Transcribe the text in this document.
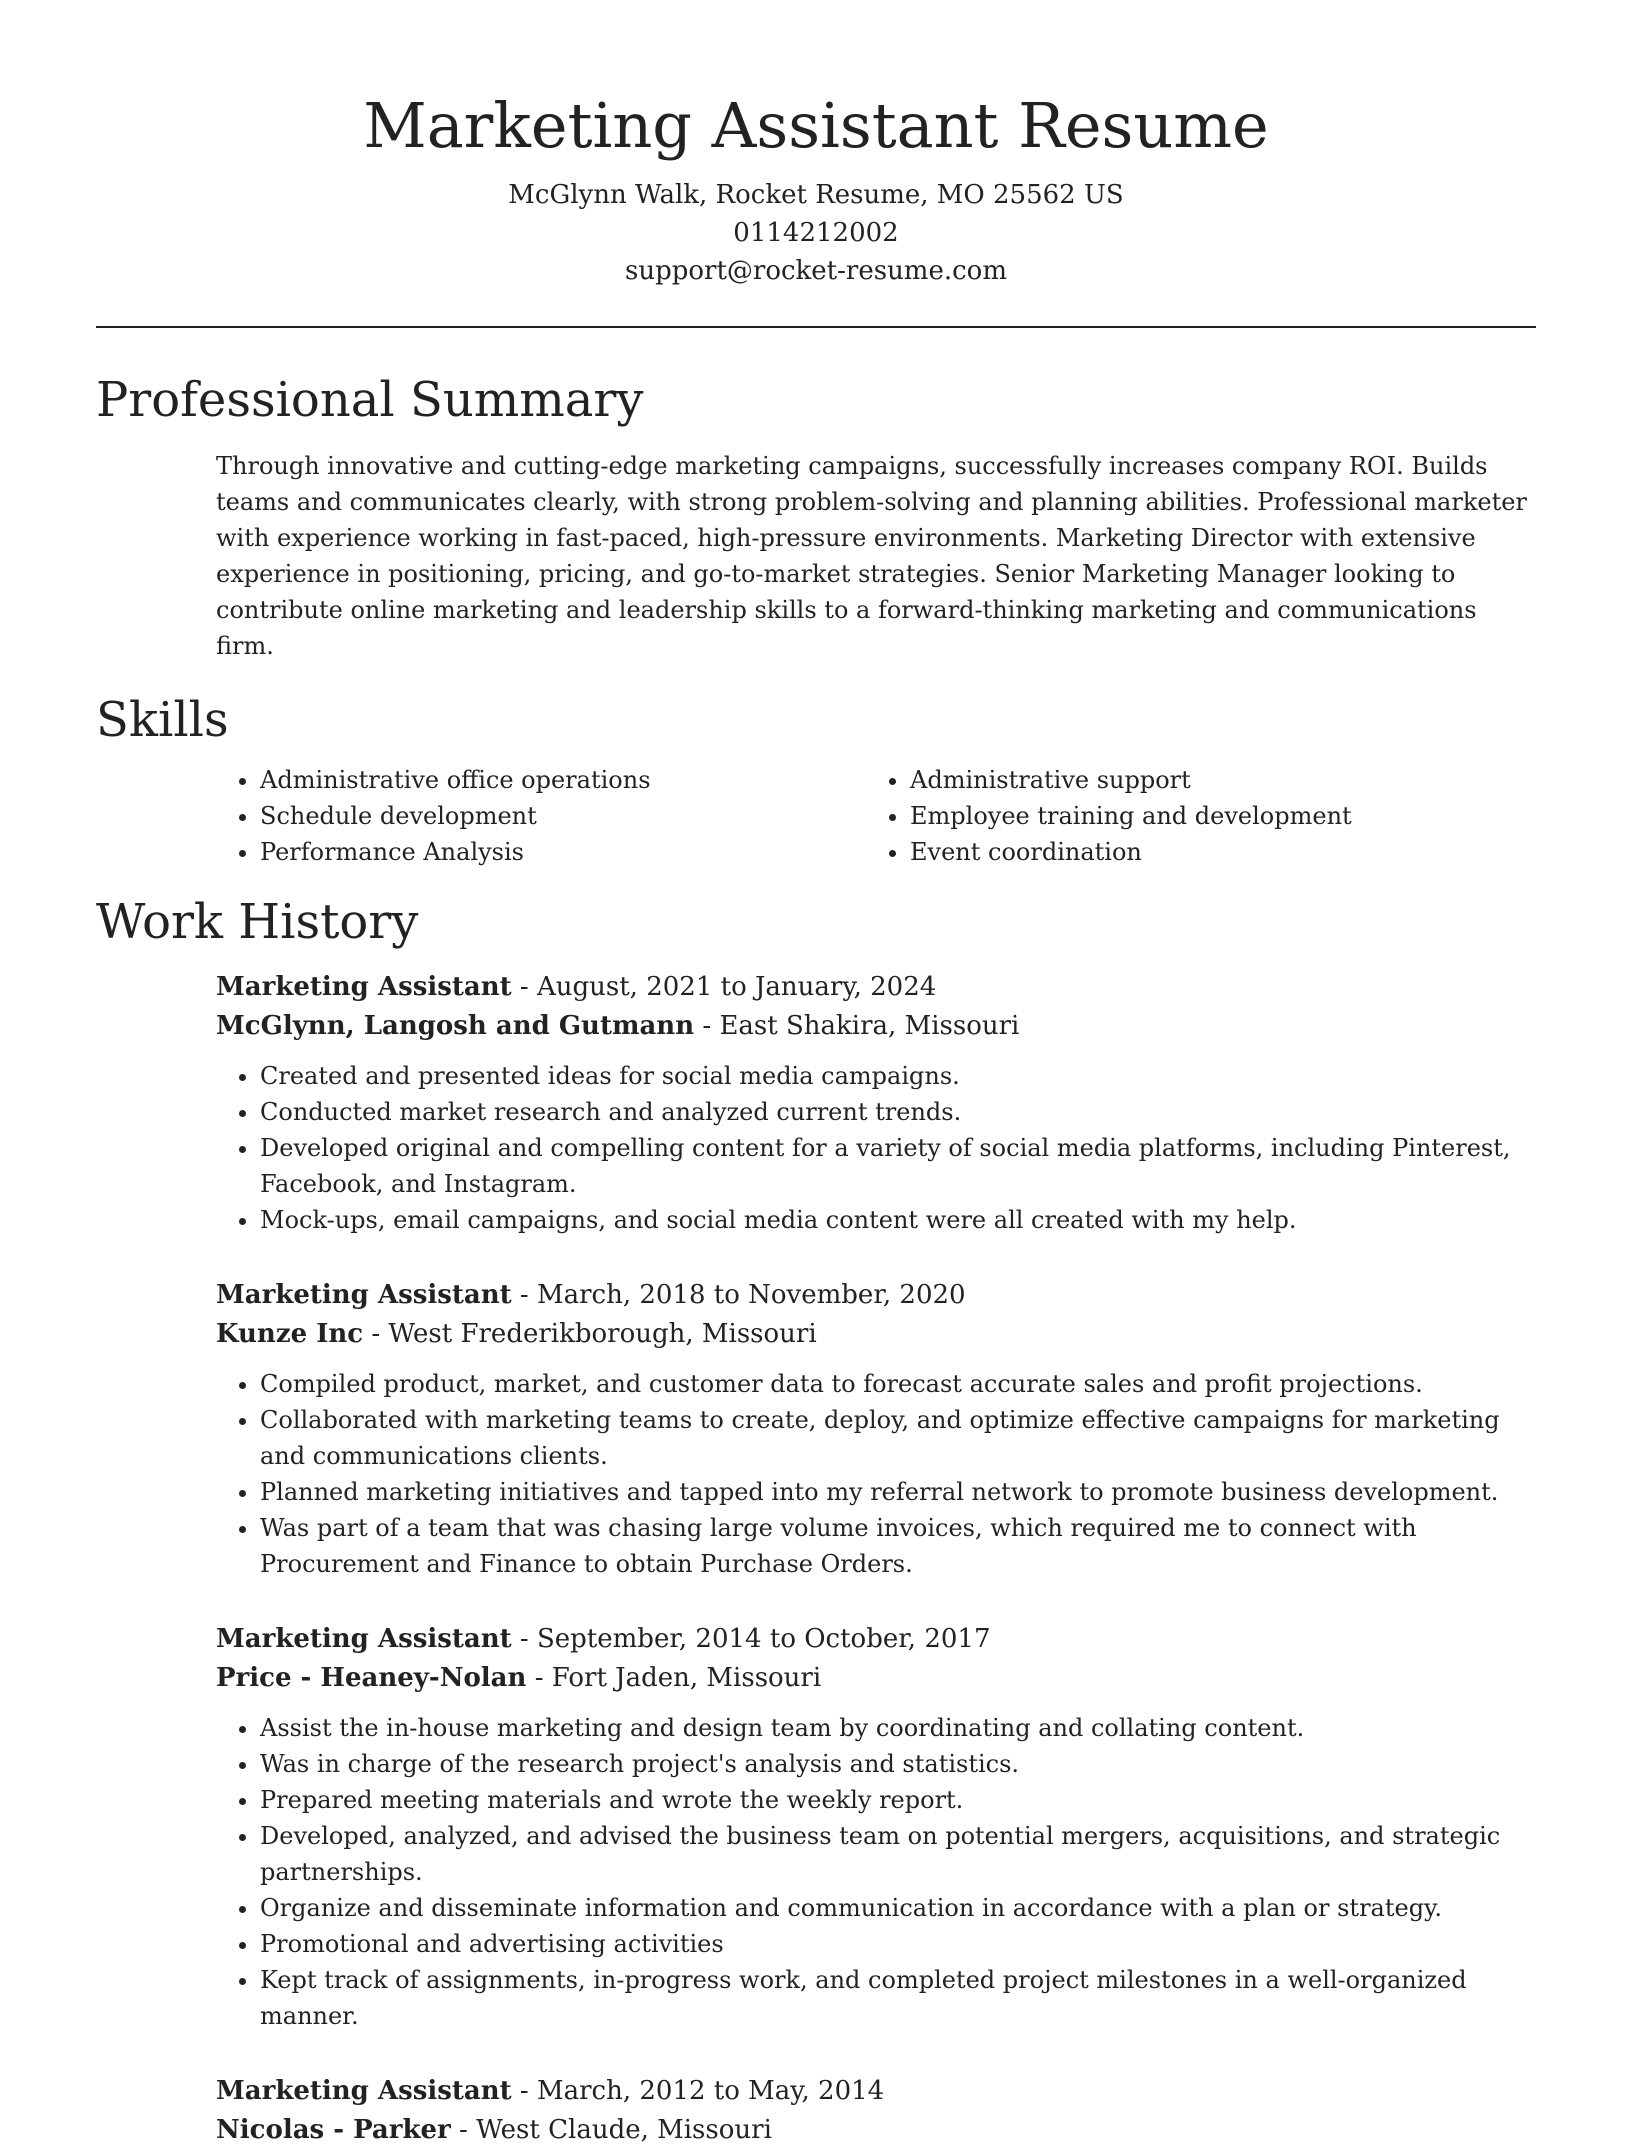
Marketing Assistant Resume
McGlynn Walk, Rocket Resume, MO 25562 US
0114212002
support@rocket-resume.com
Professional Summary

Through innovative and cutting-edge marketing campaigns, successfully increases company ROI. Builds teams and communicates clearly, with strong problem-solving and planning abilities. Professional marketer with experience working in fast-paced, high-pressure environments. Marketing Director with extensive experience in positioning, pricing, and go-to-market strategies. Senior Marketing Manager looking to contribute online marketing and leadership skills to a forward-thinking marketing and communications firm.

Skills
• Administrative office operations
• Schedule development
• Performance Analysis
• Administrative support
• Employee training and development
• Event coordination
Work History
Marketing Assistant - August, 2021 to January, 2024
McGlynn, Langosh and Gutmann - East Shakira, Missouri
• Created and presented ideas for social media campaigns.
• Conducted market research and analyzed current trends.
• Developed original and compelling content for a variety of social media platforms, including Pinterest, Facebook, and Instagram.
• Mock-ups, email campaigns, and social media content were all created with my help.
Marketing Assistant - March, 2018 to November, 2020
Kunze Inc - West Frederikborough, Missouri
• Compiled product, market, and customer data to forecast accurate sales and profit projections.
• Collaborated with marketing teams to create, deploy, and optimize effective campaigns for marketing and communications clients.
• Planned marketing initiatives and tapped into my referral network to promote business development.
• Was part of a team that was chasing large volume invoices, which required me to connect with Procurement and Finance to obtain Purchase Orders.
Marketing Assistant - September, 2014 to October, 2017
Price - Heaney-Nolan - Fort Jaden, Missouri
• Assist the in-house marketing and design team by coordinating and collating content.
• Was in charge of the research project's analysis and statistics.
• Prepared meeting materials and wrote the weekly report.
• Developed, analyzed, and advised the business team on potential mergers, acquisitions, and strategic partnerships.
• Organize and disseminate information and communication in accordance with a plan or strategy.
• Promotional and advertising activities
• Kept track of assignments, in-progress work, and completed project milestones in a well-organized manner.
Marketing Assistant - March, 2012 to May, 2014
Nicolas - Parker - West Claude, Missouri
